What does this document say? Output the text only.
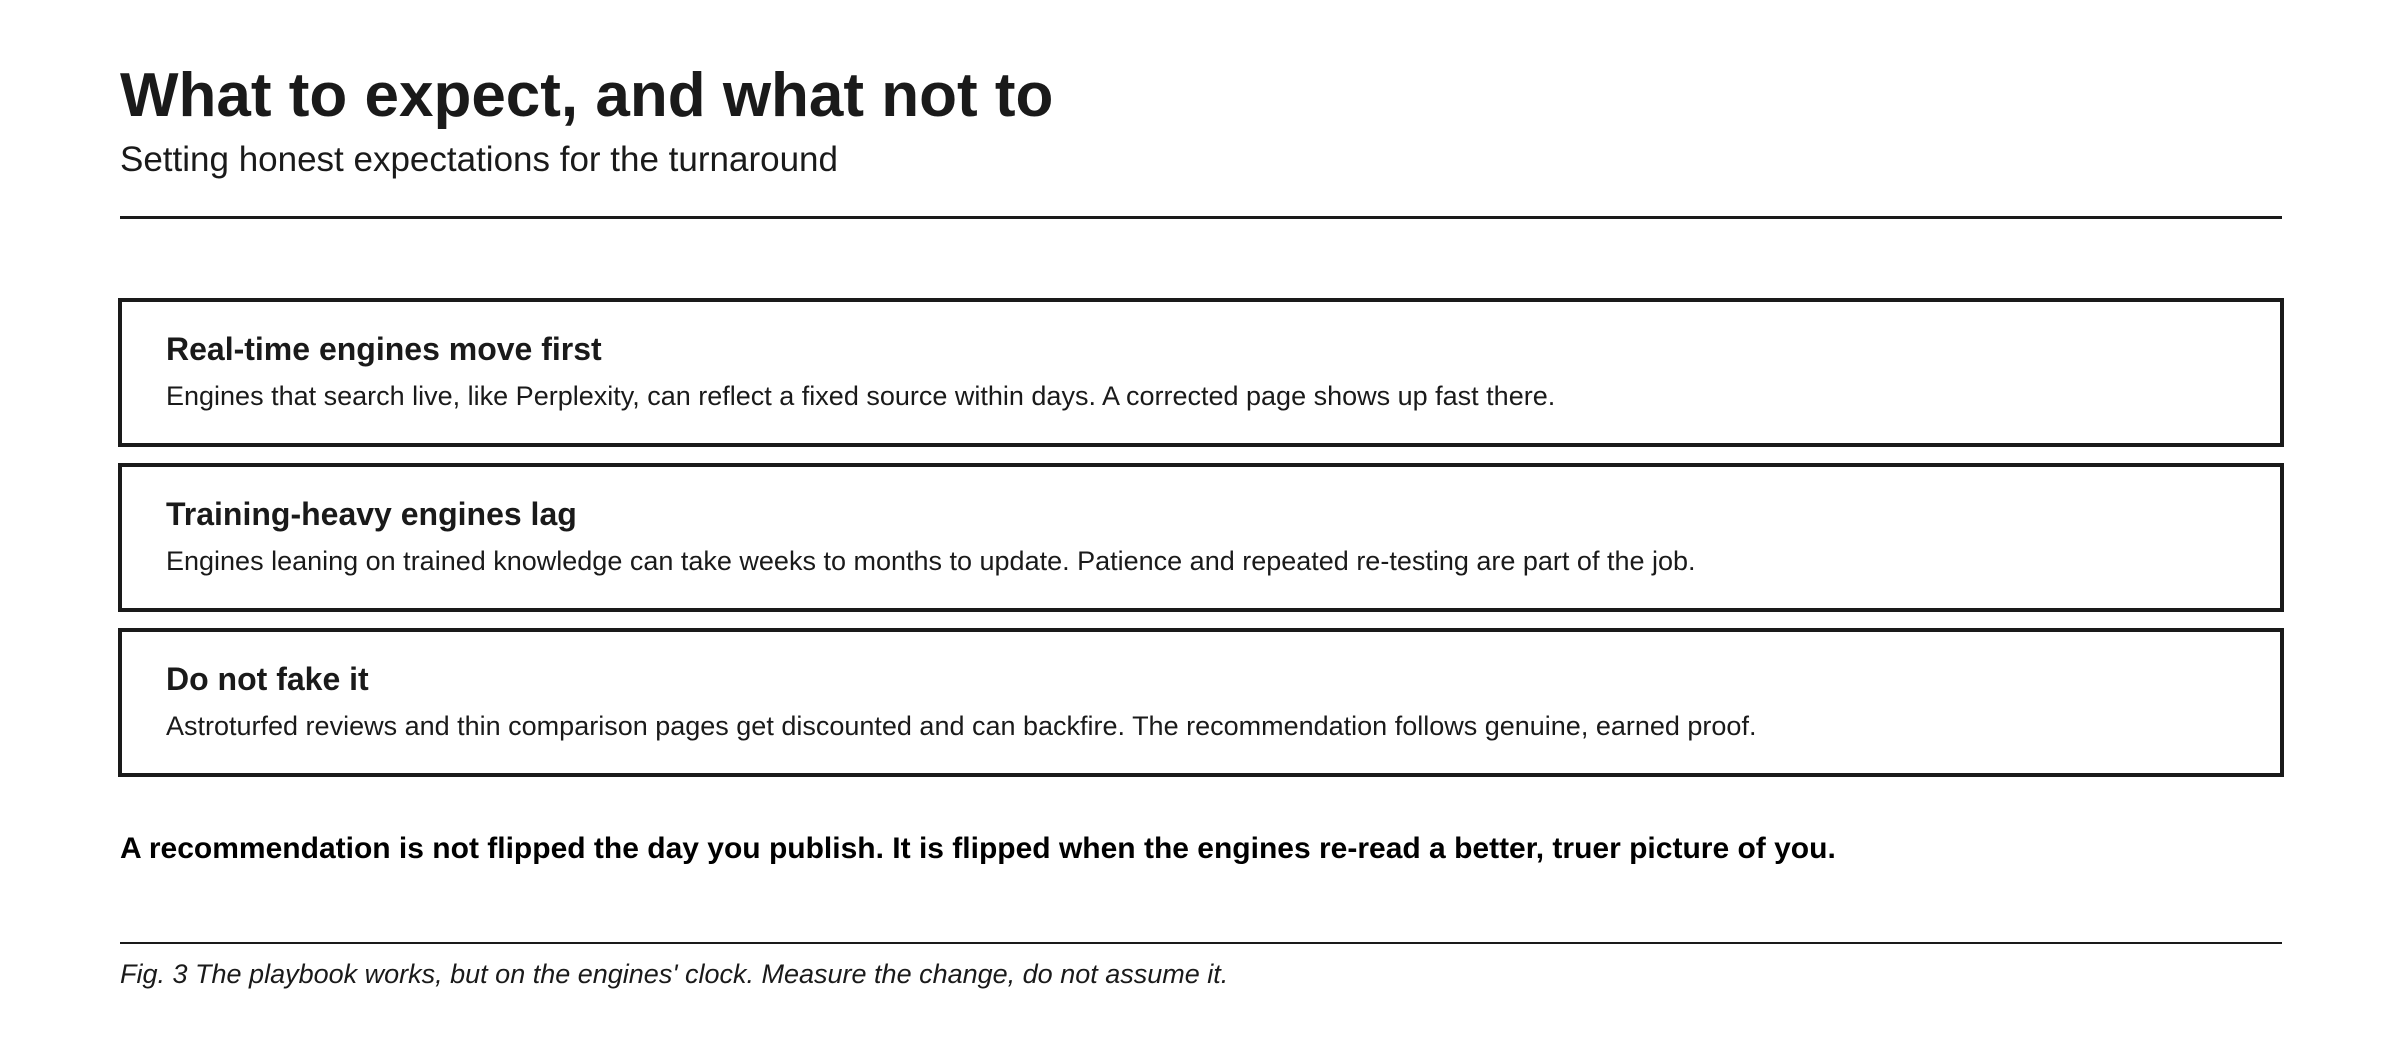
What to expect, and what not to
Setting honest expectations for the turnaround
Real-time engines move first
Engines that search live, like Perplexity, can reflect a fixed source within days. A corrected page shows up fast there.
Training-heavy engines lag
Engines leaning on trained knowledge can take weeks to months to update. Patience and repeated re-testing are part of the job.
Do not fake it
Astroturfed reviews and thin comparison pages get discounted and can backfire. The recommendation follows genuine, earned proof.

A recommendation is not flipped the day you publish. It is flipped when the engines re-read a better, truer picture of you.

Fig. 3 The playbook works, but on the engines' clock. Measure the change, do not assume it.
